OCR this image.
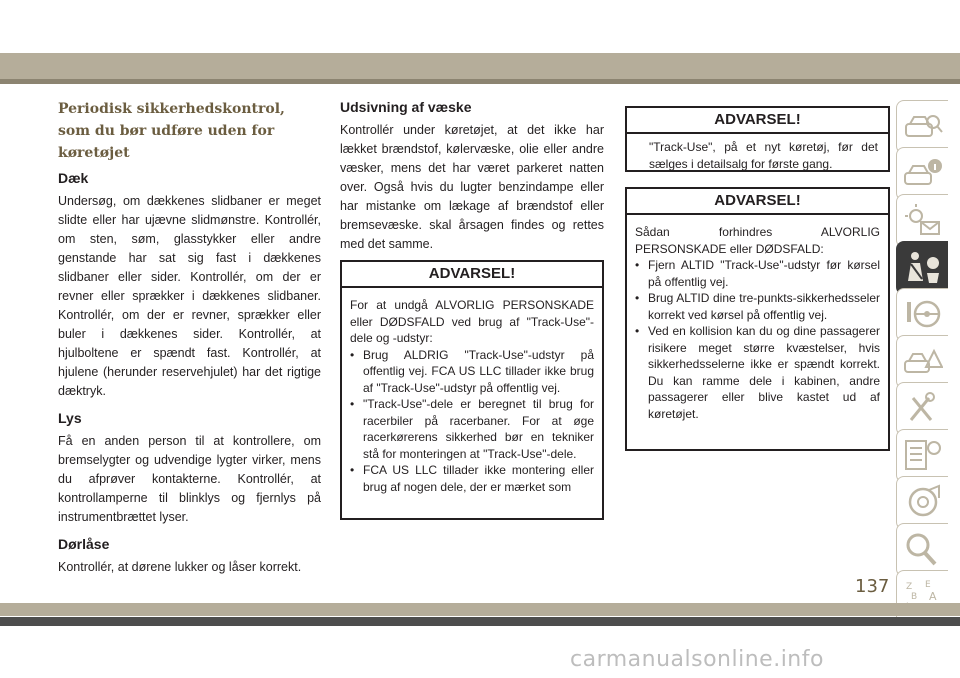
Periodisk sikkerhedskontrol, som du bør udføre uden for køretøjet
Dæk

Undersøg, om dækkenes slidbaner er meget slidte eller har ujævne slidmønstre. Kontrollér, om sten, søm, glasstykker eller andre genstande har sat sig fast i dækkenes slidbaner eller sider. Kontrollér, om der er revner eller sprækker i dækkenes slidbaner. Kontrollér, om der er revner, sprækker eller buler i dækkenes sider. Kontrollér, at hjulboltene er spændt fast. Kontrollér, at hjulene (herunder reservehjulet) har det rigtige dæktryk.

Lys

Få en anden person til at kontrollere, om bremselygter og udvendige lygter virker, mens du afprøver kontakterne. Kontrollér, at kontrollamperne til blinklys og fjernlys på instrumentbrættet lyser.

Dørlåse

Kontrollér, at dørene lukker og låser korrekt.

Udsivning af væske

Kontrollér under køretøjet, at det ikke har lækket brændstof, kølervæske, olie eller andre væsker, mens det har været parkeret natten over. Også hvis du lugter benzindampe eller har mistanke om lækage af brændstof eller bremsevæske. skal årsagen findes og rettes med det samme.

ADVARSEL!

For at undgå ALVORLIG PERSONSKADE eller DØDSFALD ved brug af "Track-Use"-dele og -udstyr:

• Brug ALDRIG "Track-Use"-udstyr på offentlig vej. FCA US LLC tillader ikke brug af "Track-Use"-udstyr på offentlig vej.
• "Track-Use"-dele er beregnet til brug for racerbiler på racerbaner. For at øge racerkørerens sikkerhed bør en tekniker stå for monteringen at "Track-Use"-dele.
• FCA US LLC tillader ikke montering eller brug af nogen dele, der er mærket som
ADVARSEL!

"Track-Use", på et nyt køretøj, før det sælges i detailsalg for første gang.

ADVARSEL!

Sådan forhindres ALVORLIG PERSONSKADE eller DØDSFALD:

• Fjern ALTID "Track-Use"-udstyr før kørsel på offentlig vej.
• Brug ALTID dine tre-punkts-sikkerhedsseler korrekt ved kørsel på offentlig vej.
• Ved en kollision kan du og dine passagerer risikere meget større kvæstelser, hvis sikkerhedsselerne ikke er spændt korrekt. Du kan ramme dele i kabinen, andre passagerer eller blive kastet ud af køretøjet.
Z E
B A
137
carmanualsonline.info
